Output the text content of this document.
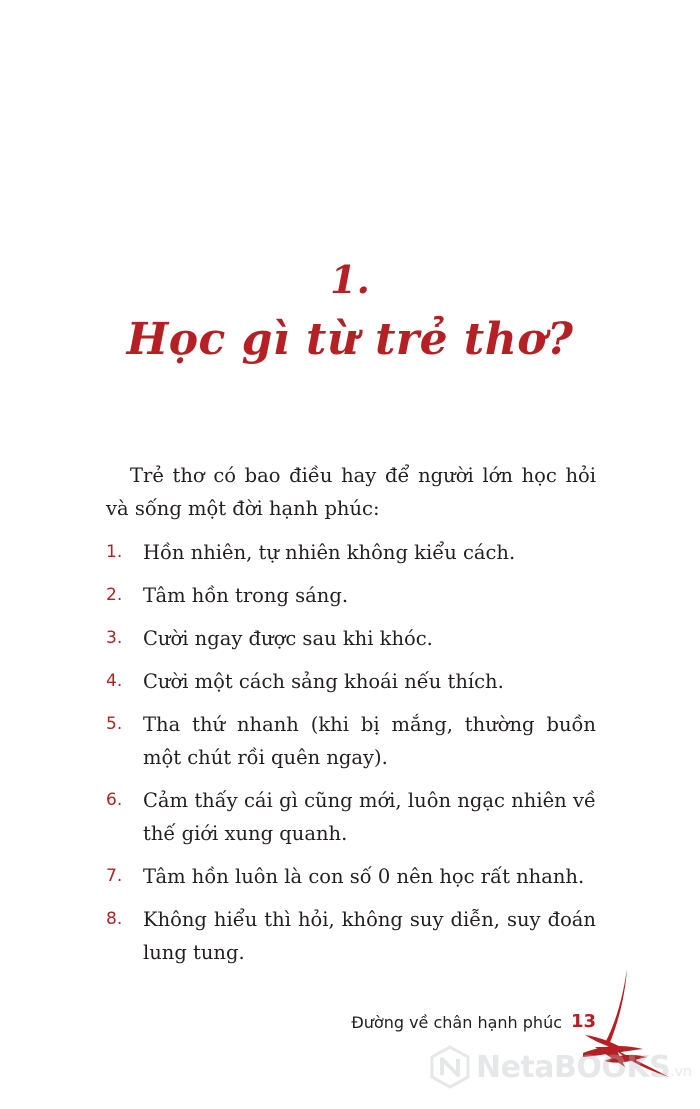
1.
Học gì từ trẻ thơ?

Trẻ thơ có bao điều hay để người lớn học hỏi và sống một đời hạnh phúc:

1.	Hồn nhiên, tự nhiên không kiểu cách.
2.	Tâm hồn trong sáng.
3.	Cười ngay được sau khi khóc.
4.	Cười một cách sảng khoái nếu thích.
5.	Tha thứ nhanh (khi bị mắng, thường buồn một chút rồi quên ngay).
6.	Cảm thấy cái gì cũng mới, luôn ngạc nhiên về thế giới xung quanh.
7.	Tâm hồn luôn là con số 0 nên học rất nhanh.
8.	Không hiểu thì hỏi, không suy diễn, suy đoán lung tung.
Đường về chân hạnh phúc 13
NetaBOOKS .vn
